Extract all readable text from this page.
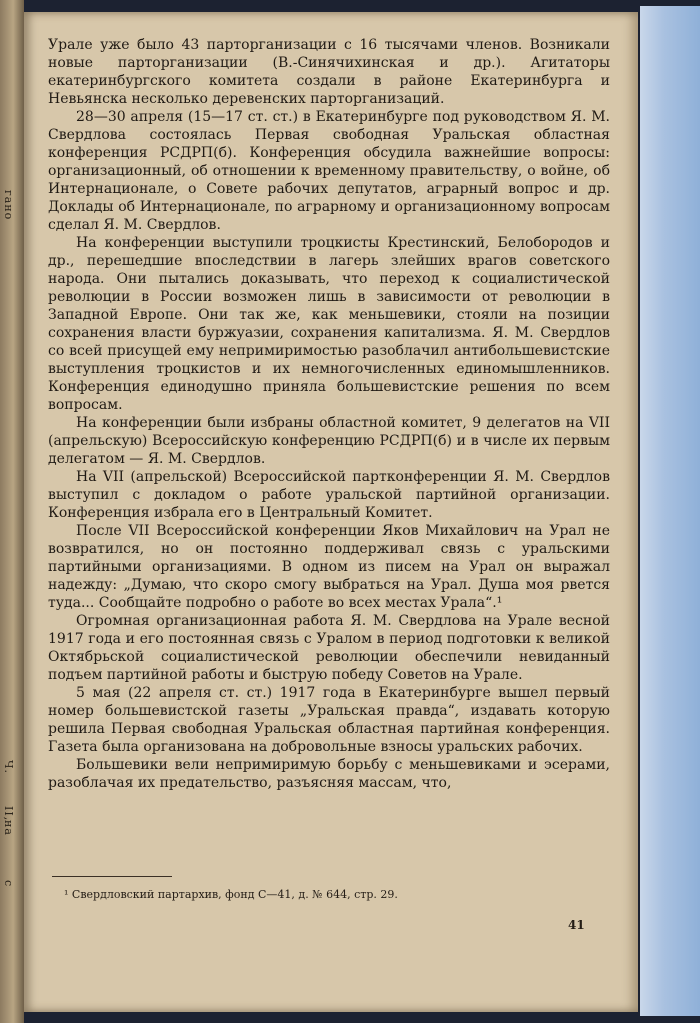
гано
Ч.
II,
на
с

Урале уже было 43 парторганизации с 16 тысячами членов. Возникали новые парторганизации (В.-Синячихинская и др.). Агитаторы екатеринбургского комитета создали в районе Екатеринбурга и Невьянска несколько деревенских парторганизаций.

28—30 апреля (15—17 ст. ст.) в Екатеринбурге под руководством Я. М. Свердлова состоялась Первая свободная Уральская областная конференция РСДРП(б). Конференция обсудила важнейшие вопросы: организационный, об отношении к временному правительству, о войне, об Интернационале, о Совете рабочих депутатов, аграрный вопрос и др. Доклады об Интернационале, по аграрному и организационному вопросам сделал Я. М. Свердлов.

На конференции выступили троцкисты Крестинский, Белобородов и др., перешедшие впоследствии в лагерь злейших врагов советского народа. Они пытались доказывать, что переход к социалистической революции в России возможен лишь в зависимости от революции в Западной Европе. Они так же, как меньшевики, стояли на позиции сохранения власти буржуазии, сохранения капитализма. Я. М. Свердлов со всей присущей ему непримиримостью разоблачил антибольшевистские выступления троцкистов и их немногочисленных единомышленников. Конференция единодушно приняла большевистские решения по всем вопросам.

На конференции были избраны областной комитет, 9 делегатов на VII (апрельскую) Всероссийскую конференцию РСДРП(б) и в числе их первым делегатом — Я. М. Свердлов.

На VII (апрельской) Всероссийской партконференции Я. М. Свердлов выступил с докладом о работе уральской партийной организации. Конференция избрала его в Центральный Комитет.

После VII Всероссийской конференции Яков Михайлович на Урал не возвратился, но он постоянно поддерживал связь с уральскими партийными организациями. В одном из писем на Урал он выражал надежду: „Думаю, что скоро смогу выбраться на Урал. Душа моя рвется туда... Сообщайте подробно о работе во всех местах Урала“.¹

Огромная организационная работа Я. М. Свердлова на Урале весной 1917 года и его постоянная связь с Уралом в период подготовки к великой Октябрьской социалистической революции обеспечили невиданный подъем партийной работы и быструю победу Советов на Урале.

5 мая (22 апреля ст. ст.) 1917 года в Екатеринбурге вышел первый номер большевистской газеты „Уральская правда“, издавать которую решила Первая свободная Уральская областная партийная конференция. Газета была организована на добровольные взносы уральских рабочих.

Большевики вели непримиримую борьбу с меньшевиками и эсерами, разоблачая их предательство, разъясняя массам, что,

¹ Свердловский партархив, фонд С—41, д. № 644, стр. 29.
41
